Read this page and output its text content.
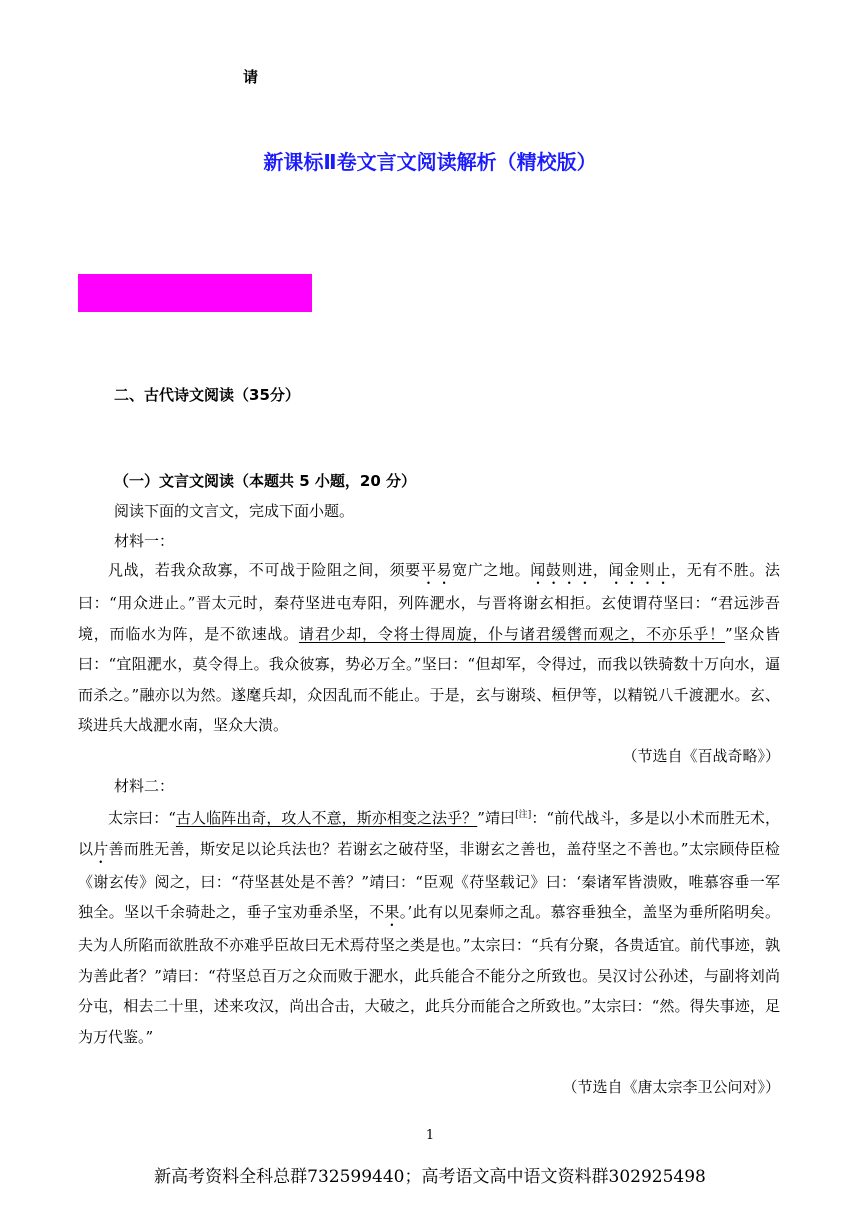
请
新课标Ⅱ卷文言文阅读解析（精校版）
二、古代诗文阅读（35分）
（一）文言文阅读（本题共 5 小题，20 分）
阅读下面的文言文，完成下面小题。
材料一：

凡战，若我众敌寡，不可战于险阻之间，须要平易宽广之地。闻鼓则进，闻金则止，无有不胜。法曰：“用众进止。”晋太元时，秦苻坚进屯寿阳，列阵淝水，与晋将谢玄相拒。玄使谓苻坚曰：“君远涉吾境，而临水为阵，是不欲速战。请君少却，令将士得周旋，仆与诸君缓辔而观之，不亦乐乎！”坚众皆曰：“宜阻淝水，莫令得上。我众彼寡，势必万全。”坚曰：“但却军，令得过，而我以铁骑数十万向水，逼而杀之。”融亦以为然。遂麾兵却，众因乱而不能止。于是，玄与谢琰、桓伊等，以精锐八千渡淝水。玄、琰进兵大战淝水南，坚众大溃。

（节选自《百战奇略》）
材料二：

太宗曰：“古人临阵出奇，攻人不意，斯亦相变之法乎？”靖曰[注]：“前代战斗，多是以小术而胜无术，以片善而胜无善，斯安足以论兵法也？若谢玄之破苻坚，非谢玄之善也，盖苻坚之不善也。”太宗顾侍臣检《谢玄传》阅之，曰：“苻坚甚处是不善？”靖曰：“臣观《苻坚载记》曰：‘秦诸军皆溃败，唯慕容垂一军独全。坚以千余骑赴之，垂子宝劝垂杀坚，不果。’此有以见秦师之乱。慕容垂独全，盖坚为垂所陷明矣。夫为人所陷而欲胜敌不亦难乎臣故曰无术焉苻坚之类是也。”太宗曰：“兵有分聚，各贵适宜。前代事迹，孰为善此者？”靖曰：“苻坚总百万之众而败于淝水，此兵能合不能分之所致也。吴汉讨公孙述，与副将刘尚分屯，相去二十里，述来攻汉，尚出合击，大破之，此兵分而能合之所致也。”太宗曰：“然。得失事迹，足为万代鉴。”

（节选自《唐太宗李卫公问对》）
1
新高考资料全科总群732599440；高考语文高中语文资料群302925498
